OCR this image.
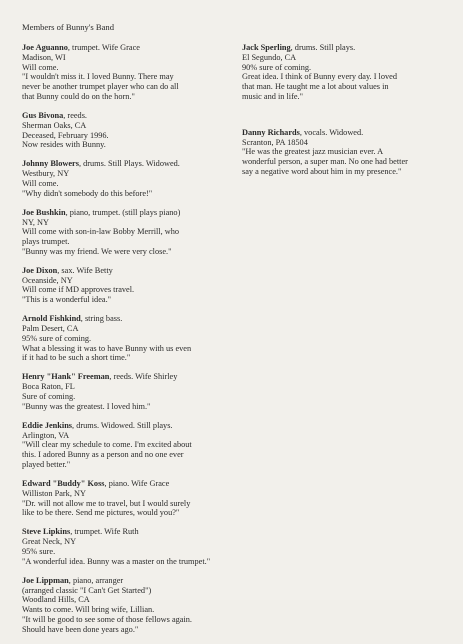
Members of Bunny's Band
Joe Aguanno, trumpet. Wife Grace
Madison, WI
Will come.
"I wouldn't miss it. I loved Bunny. There may
never be another trumpet player who can do all
that Bunny could do on the horn."
Gus Bivona, reeds.
Sherman Oaks, CA
Deceased, February 1996.
Now resides with Bunny.
Johnny Blowers, drums. Still Plays. Widowed.
Westbury, NY
Will come.
"Why didn't somebody do this before!"
Joe Bushkin, piano, trumpet. (still plays piano)
NY, NY
Will come with son-in-law Bobby Merrill, who
plays trumpet.
"Bunny was my friend. We were very close."
Joe Dixon, sax. Wife Betty
Oceanside, NY
Will come if MD approves travel.
"This is a wonderful idea."
Arnold Fishkind, string bass.
Palm Desert, CA
95% sure of coming.
What a blessing it was to have Bunny with us even
if it had to be such a short time."
Henry "Hank" Freeman, reeds. Wife Shirley
Boca Raton, FL
Sure of coming.
"Bunny was the greatest. I loved him."
Eddie Jenkins, drums. Widowed. Still plays.
Arlington, VA
"Will clear my schedule to come. I'm excited about
this. I adored Bunny as a person and no one ever
played better."
Edward "Buddy" Koss, piano. Wife Grace
Williston Park, NY
"Dr. will not allow me to travel, but I would surely
like to be there. Send me pictures, would you?"
Steve Lipkins, trumpet. Wife Ruth
Great Neck, NY
95% sure.
"A wonderful idea. Bunny was a master on the trumpet."
Joe Lippman, piano, arranger
(arranged classic "I Can't Get Started")
Woodland Hills, CA
Wants to come. Will bring wife, Lillian.
"It will be good to see some of those fellows again.
Should have been done years ago."
Jack Sperling, drums. Still plays.
El Segundo, CA
90% sure of coming.
Great idea. I think of Bunny every day. I loved
that man. He taught me a lot about values in
music and in life."
Danny Richards, vocals. Widowed.
Scranton, PA 18504
"He was the greatest jazz musician ever. A
wonderful person, a super man. No one had better
say a negative word about him in my presence."
